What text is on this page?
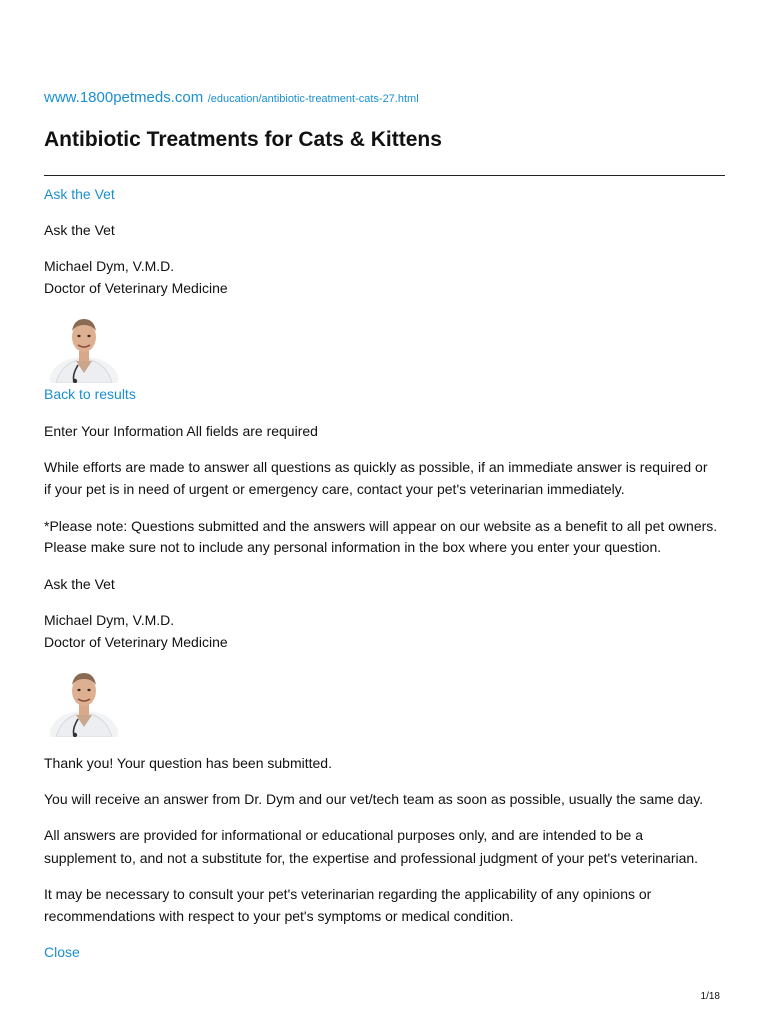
www.1800petmeds.com /education/antibiotic-treatment-cats-27.html
Antibiotic Treatments for Cats & Kittens
Ask the Vet
Ask the Vet
Michael Dym, V.M.D.
Doctor of Veterinary Medicine
Back to results
Enter Your Information All fields are required
While efforts are made to answer all questions as quickly as possible, if an immediate answer is required or
if your pet is in need of urgent or emergency care, contact your pet's veterinarian immediately.
*Please note: Questions submitted and the answers will appear on our website as a benefit to all pet owners.
Please make sure not to include any personal information in the box where you enter your question.
Ask the Vet
Michael Dym, V.M.D.
Doctor of Veterinary Medicine
Thank you! Your question has been submitted.
You will receive an answer from Dr. Dym and our vet/tech team as soon as possible, usually the same day.
All answers are provided for informational or educational purposes only, and are intended to be a
supplement to, and not a substitute for, the expertise and professional judgment of your pet's veterinarian.
It may be necessary to consult your pet's veterinarian regarding the applicability of any opinions or
recommendations with respect to your pet's symptoms or medical condition.
Close
1/18
